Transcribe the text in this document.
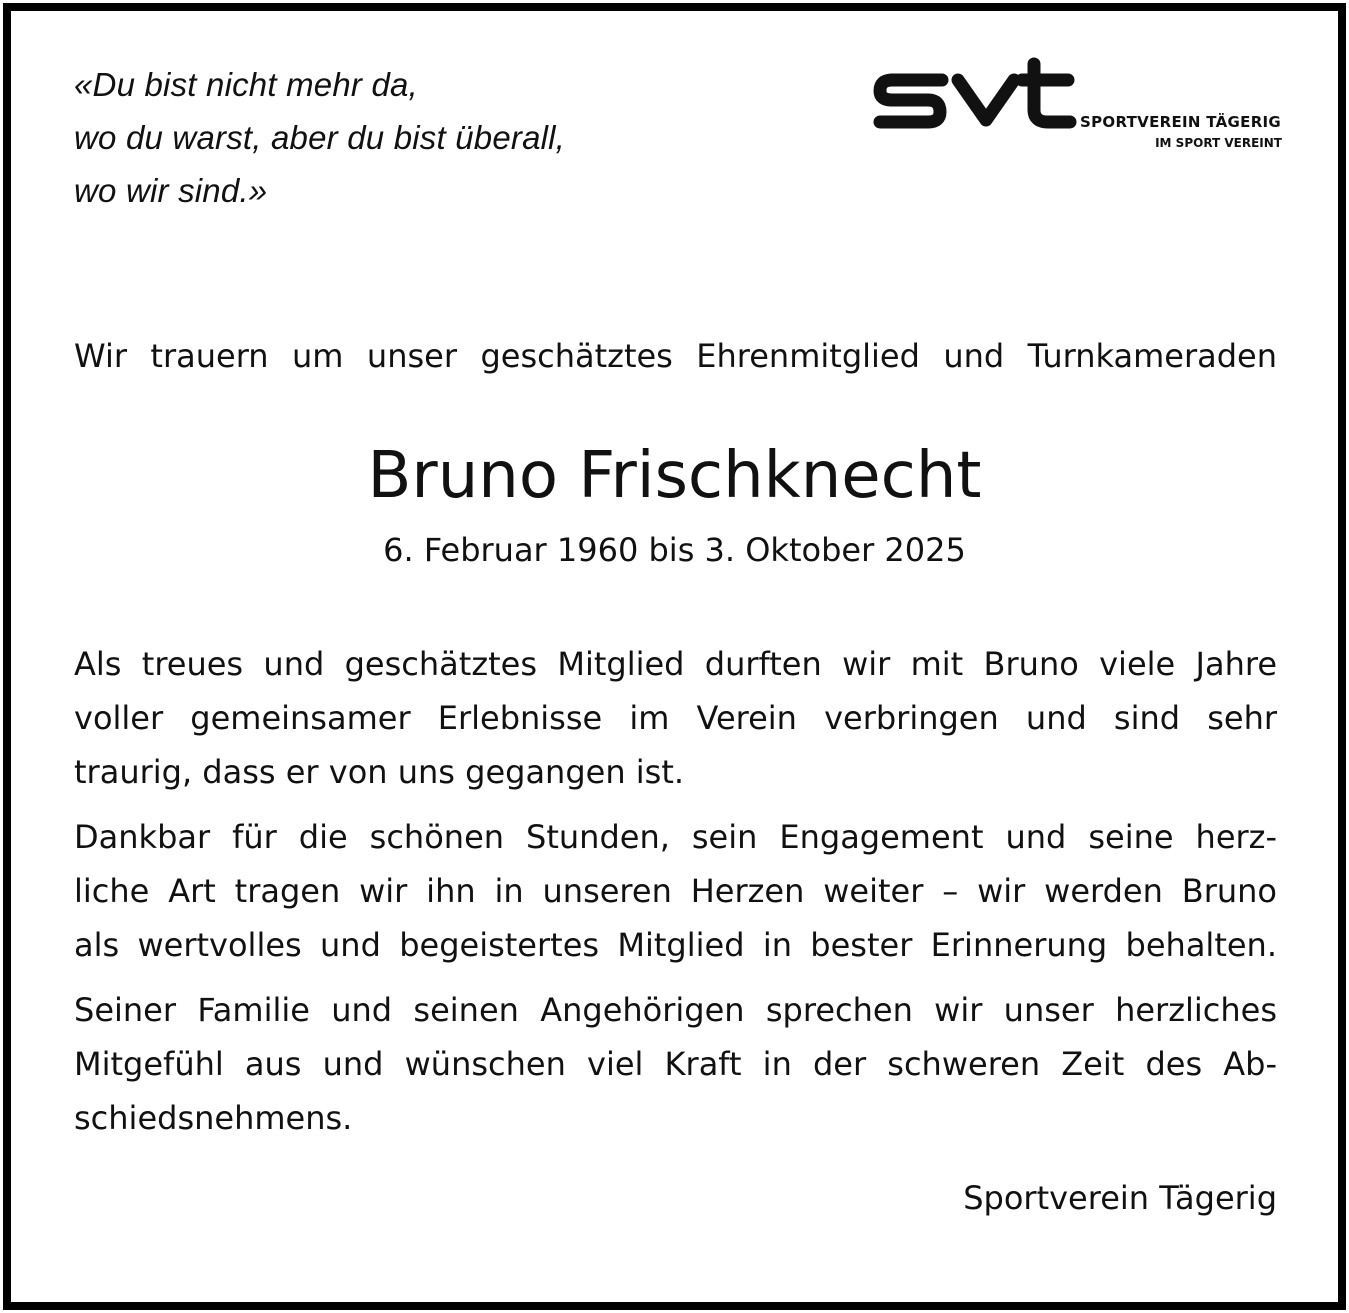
«Du bist nicht mehr da,
wo du warst, aber du bist überall,
wo wir sind.»
SPORTVEREIN TÄGERIG
IM SPORT VEREINT
Wir trauern um unser geschätztes Ehrenmitglied und Turnkameraden
Bruno Frischknecht
6. Februar 1960 bis 3. Oktober 2025
Als treues und geschätztes Mitglied durften wir mit Bruno viele Jahre
voller gemeinsamer Erlebnisse im Verein verbringen und sind sehr
traurig, dass er von uns gegangen ist.
Dankbar für die schönen Stunden, sein Engagement und seine herz-
liche Art tragen wir ihn in unseren Herzen weiter – wir werden Bruno
als wertvolles und begeistertes Mitglied in bester Erinnerung behalten.
Seiner Familie und seinen Angehörigen sprechen wir unser herzliches
Mitgefühl aus und wünschen viel Kraft in der schweren Zeit des Ab-
schiedsnehmens.
Sportverein Tägerig
